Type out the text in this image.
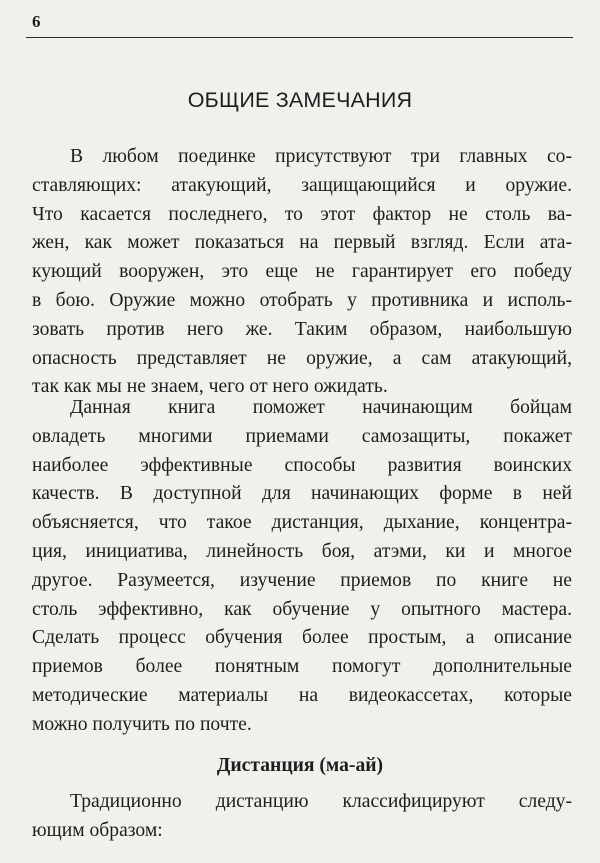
6
ОБЩИЕ ЗАМЕЧАНИЯ
В любом поединке присутствуют три главных со-
ставляющих: атакующий, защищающийся и оружие.
Что касается последнего, то этот фактор не столь ва-
жен, как может показаться на первый взгляд. Если ата-
кующий вооружен, это еще не гарантирует его победу
в бою. Оружие можно отобрать у противника и исполь-
зовать против него же. Таким образом, наибольшую
опасность представляет не оружие, а сам атакующий,
так как мы не знаем, чего от него ожидать.
Данная книга поможет начинающим бойцам
овладеть многими приемами самозащиты, покажет
наиболее эффективные способы развития воинских
качеств. В доступной для начинающих форме в ней
объясняется, что такое дистанция, дыхание, концентра-
ция, инициатива, линейность боя, атэми, ки и многое
другое. Разумеется, изучение приемов по книге не
столь эффективно, как обучение у опытного мастера.
Сделать процесс обучения более простым, а описание
приемов более понятным помогут дополнительные
методические материалы на видеокассетах, которые
можно получить по почте.
Дистанция (ма-ай)
Традиционно дистанцию классифицируют следу-
ющим образом:
